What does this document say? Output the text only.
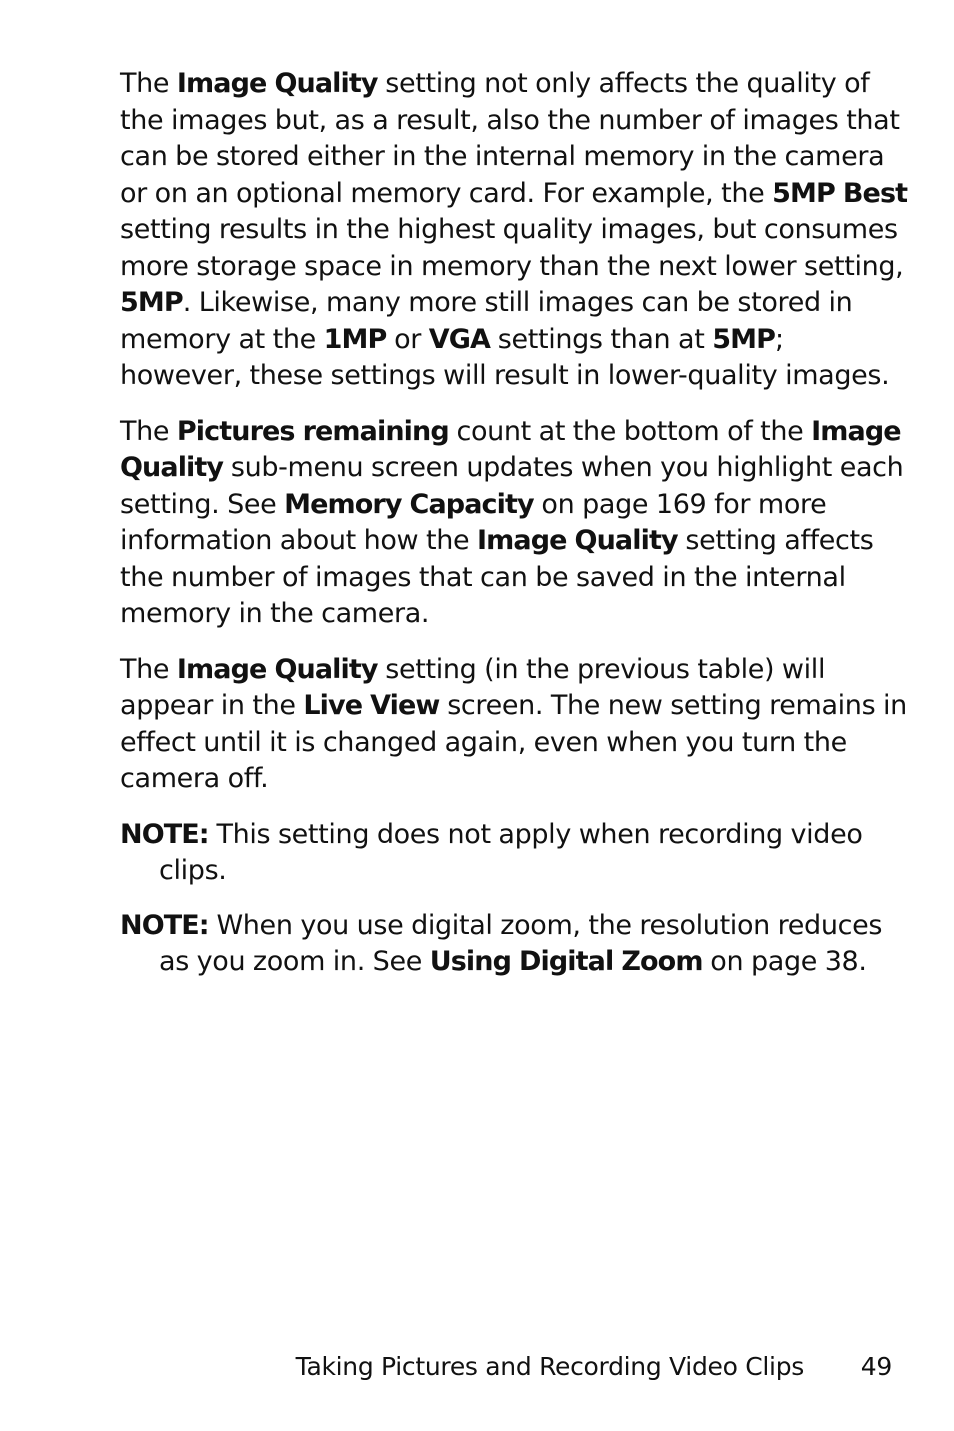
The Image Quality setting not only affects the quality of the images but, as a result, also the number of images that can be stored either in the internal memory in the camera or on an optional memory card. For example, the 5MP Best setting results in the highest quality images, but consumes more storage space in memory than the next lower setting, 5MP. Likewise, many more still images can be stored in memory at the 1MP or VGA settings than at 5MP; however, these settings will result in lower-quality images.

The Pictures remaining count at the bottom of the Image Quality sub-menu screen updates when you highlight each setting. See Memory Capacity on page 169 for more information about how the Image Quality setting affects the number of images that can be saved in the internal memory in the camera.

The Image Quality setting (in the previous table) will appear in the Live View screen. The new setting remains in effect until it is changed again, even when you turn the camera off.

NOTE: This setting does not apply when recording video clips.

NOTE: When you use digital zoom, the resolution reduces as you zoom in. See Using Digital Zoom on page 38.

Taking Pictures and Recording Video Clips 49
